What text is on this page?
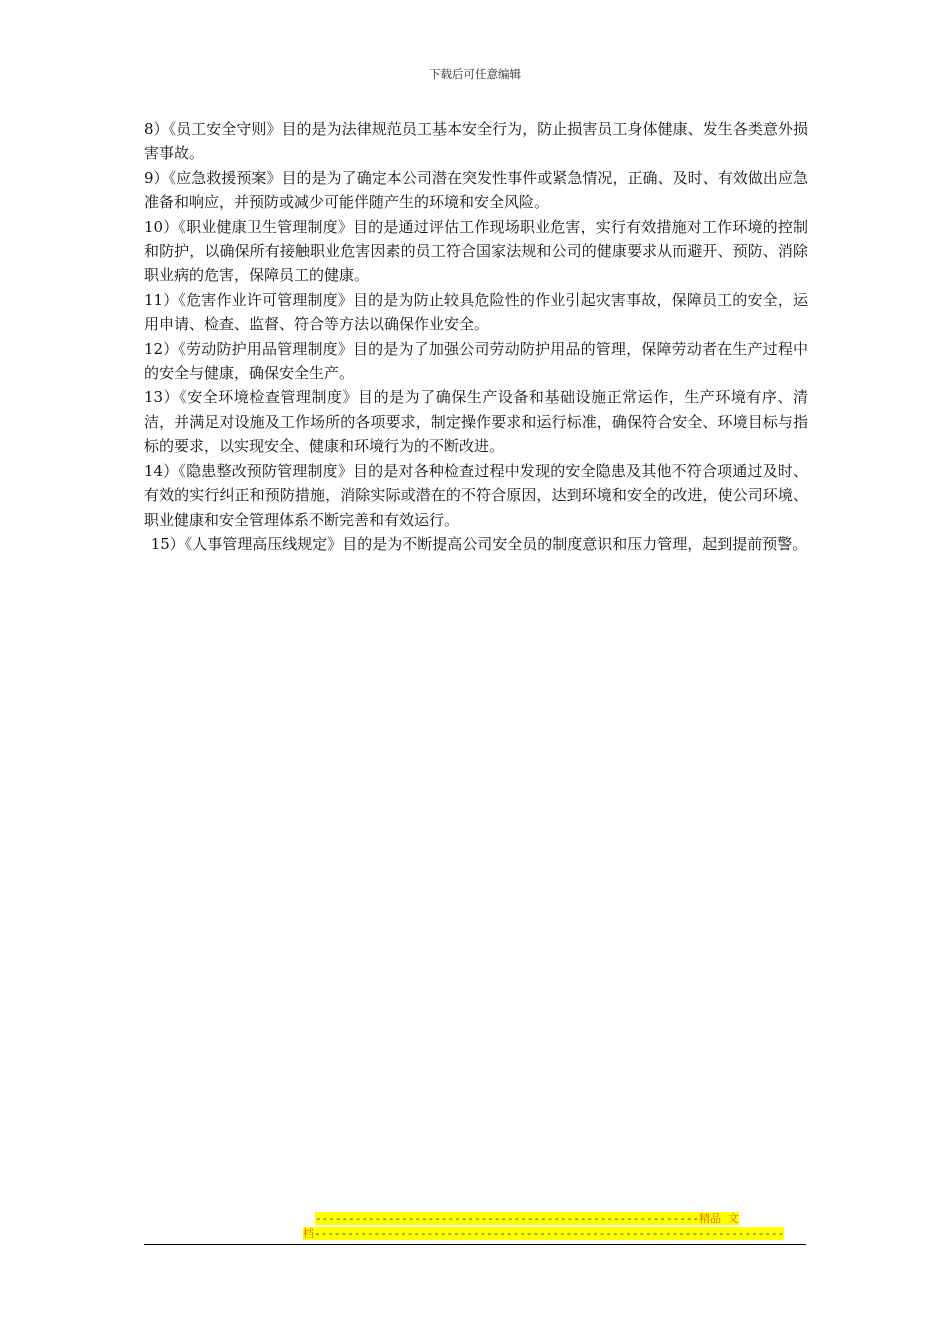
下载后可任意编辑

8）《员工安全守则》目的是为法律规范员工基本安全行为，防止损害员工身体健康、发生各类意外损害事故。

9）《应急救援预案》目的是为了确定本公司潜在突发性事件或紧急情况，正确、及时、有效做出应急准备和响应，并预防或减少可能伴随产生的环境和安全风险。

10）《职业健康卫生管理制度》目的是通过评估工作现场职业危害，实行有效措施对工作环境的控制和防护，以确保所有接触职业危害因素的员工符合国家法规和公司的健康要求从而避开、预防、消除职业病的危害，保障员工的健康。

11）《危害作业许可管理制度》目的是为防止较具危险性的作业引起灾害事故，保障员工的安全，运用申请、检查、监督、符合等方法以确保作业安全。

12）《劳动防护用品管理制度》目的是为了加强公司劳动防护用品的管理，保障劳动者在生产过程中的安全与健康，确保安全生产。

13）《安全环境检查管理制度》目的是为了确保生产设备和基础设施正常运作，生产环境有序、清洁，并满足对设施及工作场所的各项要求，制定操作要求和运行标准，确保符合安全、环境目标与指标的要求，以实现安全、健康和环境行为的不断改进。

14）《隐患整改预防管理制度》目的是对各种检查过程中发现的安全隐患及其他不符合项通过及时、有效的实行纠正和预防措施，消除实际或潜在的不符合原因，达到环境和安全的改进，使公司环境、职业健康和安全管理体系不断完善和有效运行。

15）《人事管理高压线规定》目的是为不断提高公司安全员的制度意识和压力管理，起到提前预警。

----------------------------------------------------------精品 文
档-----------------------------------------------------------------------
